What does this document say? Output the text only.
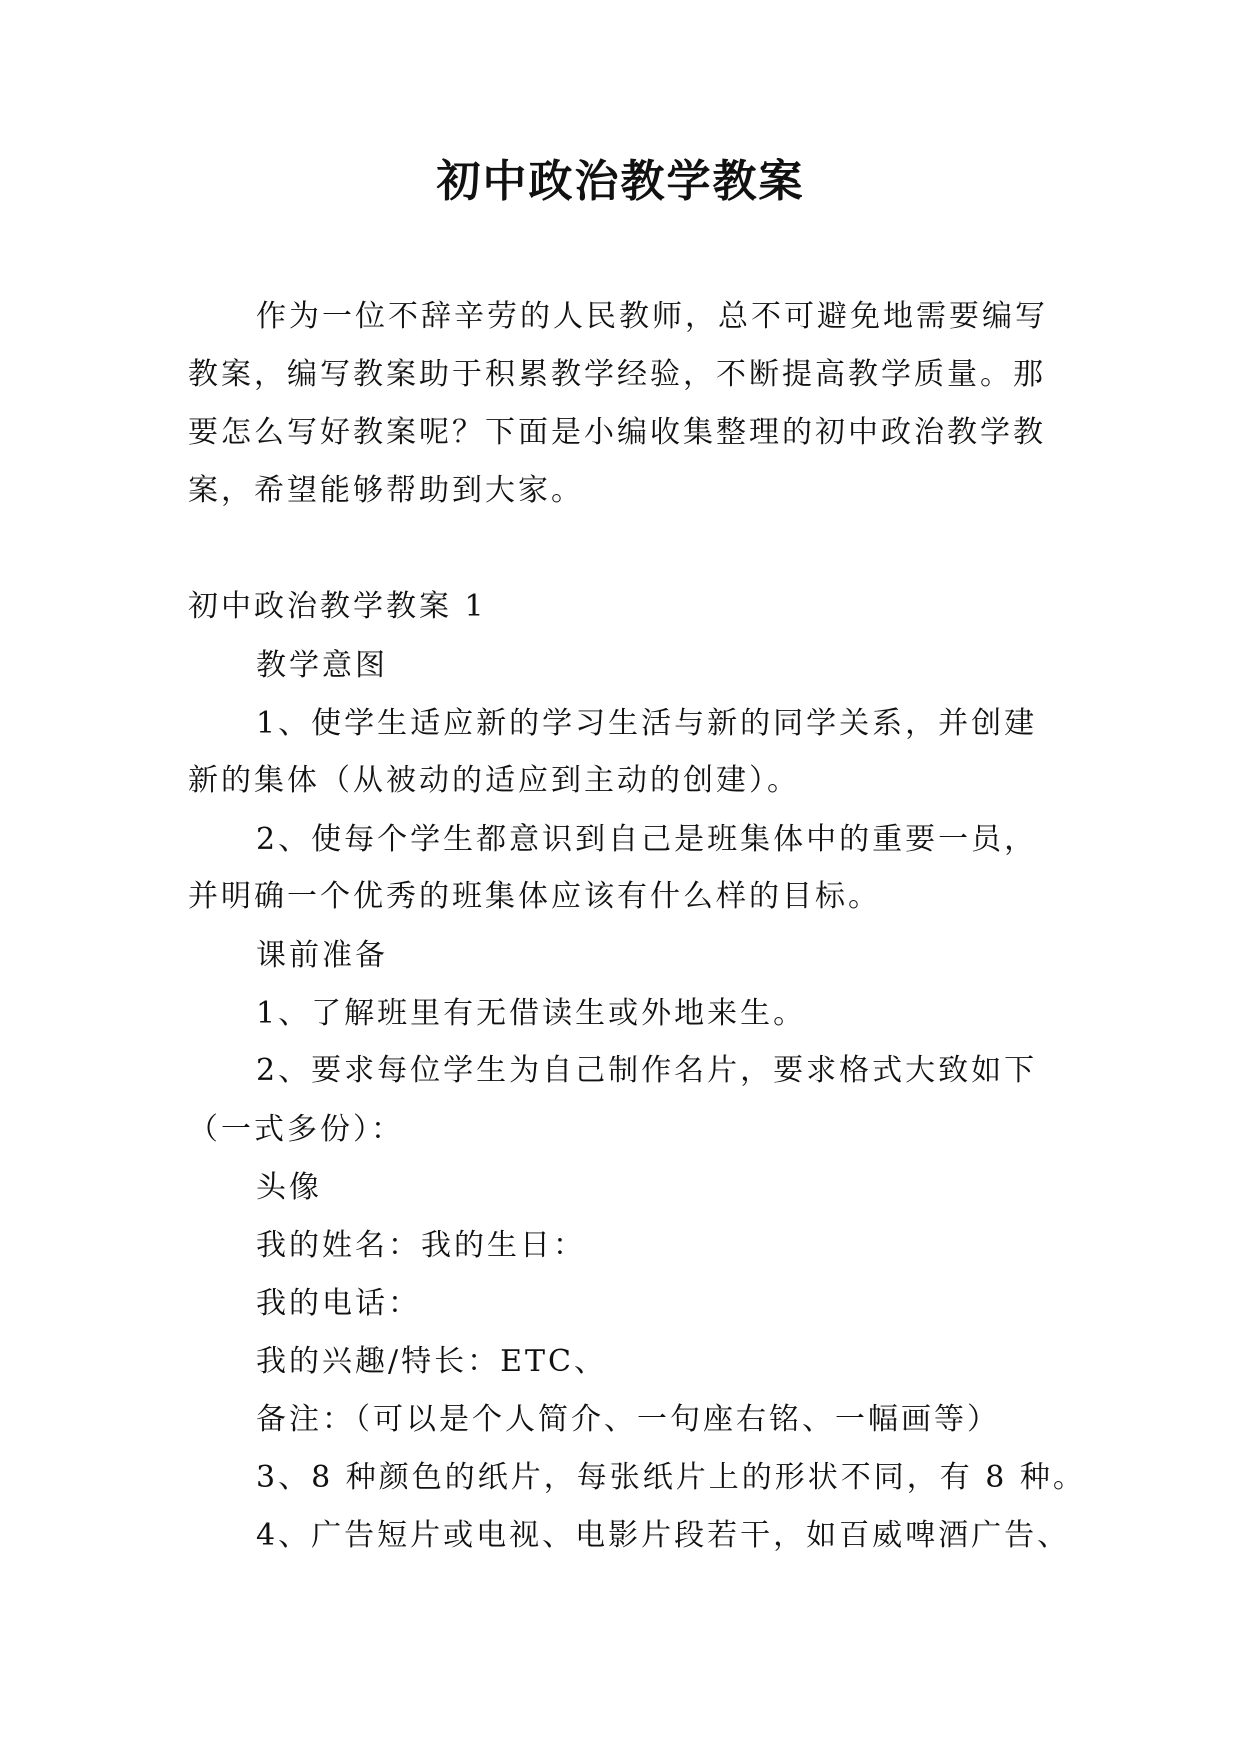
初中政治教学教案
作为一位不辞辛劳的人民教师，总不可避免地需要编写教案，编写教案助于积累教学经验，不断提高教学质量。那要怎么写好教案呢？下面是小编收集整理的初中政治教学教案，希望能够帮助到大家。
初中政治教学教案 1
教学意图
1、使学生适应新的学习生活与新的同学关系，并创建
新的集体（从被动的适应到主动的创建）。
2、使每个学生都意识到自己是班集体中的重要一员，
并明确一个优秀的班集体应该有什么样的目标。
课前准备
1、了解班里有无借读生或外地来生。
2、要求每位学生为自己制作名片，要求格式大致如下
（一式多份）：
头像
我的姓名：我的生日：
我的电话：
我的兴趣/特长：ETC、
备注：（可以是个人简介、一句座右铭、一幅画等）
3、8 种颜色的纸片，每张纸片上的形状不同，有 8 种。
4、广告短片或电视、电影片段若干，如百威啤酒广告、
